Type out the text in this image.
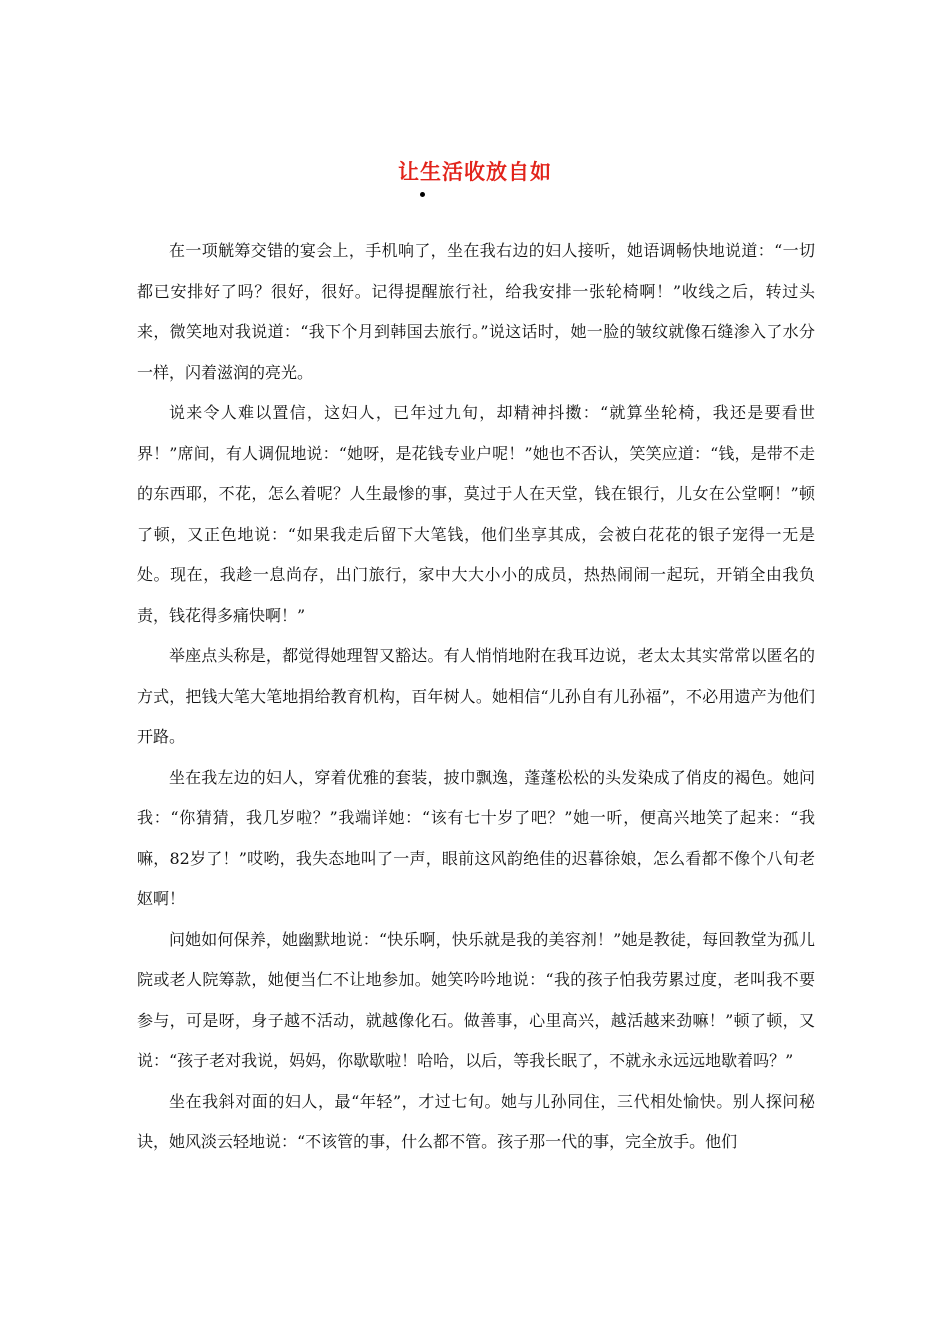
让生活收放自如

在一项觥筹交错的宴会上，手机响了，坐在我右边的妇人接听，她语调畅快地说道：“一切都已安排好了吗？很好，很好。记得提醒旅行社，给我安排一张轮椅啊！”收线之后，转过头来，微笑地对我说道：“我下个月到韩国去旅行。”说这话时，她一脸的皱纹就像石缝渗入了水分一样，闪着滋润的亮光。

说来令人难以置信，这妇人，已年过九旬，却精神抖擞：“就算坐轮椅，我还是要看世界！”席间，有人调侃地说：“她呀，是花钱专业户呢！”她也不否认，笑笑应道：“钱，是带不走的东西耶，不花，怎么着呢？人生最惨的事，莫过于人在天堂，钱在银行，儿女在公堂啊！”顿了顿，又正色地说：“如果我走后留下大笔钱，他们坐享其成，会被白花花的银子宠得一无是处。现在，我趁一息尚存，出门旅行，家中大大小小的成员，热热闹闹一起玩，开销全由我负责，钱花得多痛快啊！”

举座点头称是，都觉得她理智又豁达。有人悄悄地附在我耳边说，老太太其实常常以匿名的方式，把钱大笔大笔地捐给教育机构，百年树人。她相信“儿孙自有儿孙福”，不必用遗产为他们开路。

坐在我左边的妇人，穿着优雅的套装，披巾飘逸，蓬蓬松松的头发染成了俏皮的褐色。她问我：“你猜猜，我几岁啦？”我端详她：“该有七十岁了吧？”她一听，便高兴地笑了起来：“我嘛，82岁了！”哎哟，我失态地叫了一声，眼前这风韵绝佳的迟暮徐娘，怎么看都不像个八旬老妪啊！

问她如何保养，她幽默地说：“快乐啊，快乐就是我的美容剂！”她是教徒，每回教堂为孤儿院或老人院筹款，她便当仁不让地参加。她笑吟吟地说：“我的孩子怕我劳累过度，老叫我不要参与，可是呀，身子越不活动，就越像化石。做善事，心里高兴，越活越来劲嘛！”顿了顿，又说：“孩子老对我说，妈妈，你歇歇啦！哈哈，以后，等我长眠了，不就永永远远地歇着吗？”

坐在我斜对面的妇人，最“年轻”，才过七旬。她与儿孙同住，三代相处愉快。别人探问秘诀，她风淡云轻地说：“不该管的事，什么都不管。孩子那一代的事，完全放手。他们
